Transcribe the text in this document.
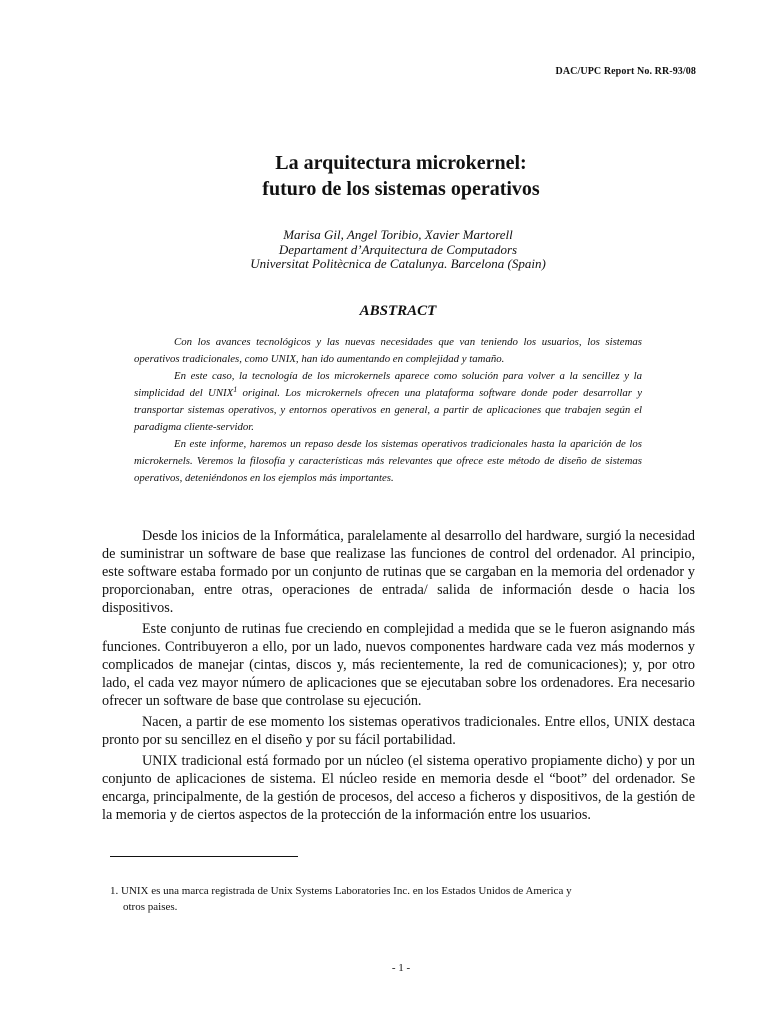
DAC/UPC Report No. RR-93/08
La arquitectura microkernel:
futuro de los sistemas operativos
Marisa Gil, Angel Toribio, Xavier Martorell
Departament d’Arquitectura de Computadors
Universitat Politècnica de Catalunya. Barcelona (Spain)
ABSTRACT

Con los avances tecnológicos y las nuevas necesidades que van teniendo los usuarios, los sistemas operativos tradicionales, como UNIX, han ido aumentando en complejidad y tamaño.

En este caso, la tecnología de los microkernels aparece como solución para volver a la sencillez y la simplicidad del UNIX$^1$ original. Los microkernels ofrecen una plataforma software donde poder desarrollar y transportar sistemas operativos, y entornos operativos en general, a partir de aplicaciones que trabajen según el paradigma cliente-servidor.

En este informe, haremos un repaso desde los sistemas operativos tradicionales hasta la aparición de los microkernels. Veremos la filosofía y características más relevantes que ofrece este método de diseño de sistemas operativos, deteniéndonos en los ejemplos más importantes.

Desde los inicios de la Informática, paralelamente al desarrollo del hardware, surgió la necesidad de suministrar un software de base que realizase las funciones de control del ordenador. Al principio, este software estaba formado por un conjunto de rutinas que se cargaban en la memoria del ordenador y proporcionaban, entre otras, operaciones de entrada/ salida de información desde o hacia los dispositivos.

Este conjunto de rutinas fue creciendo en complejidad a medida que se le fueron asignando más funciones. Contribuyeron a ello, por un lado, nuevos componentes hardware cada vez más modernos y complicados de manejar (cintas, discos y, más recientemente, la red de comunicaciones); y, por otro lado, el cada vez mayor número de aplicaciones que se ejecutaban sobre los ordenadores. Era necesario ofrecer un software de base que controlase su ejecución.

Nacen, a partir de ese momento los sistemas operativos tradicionales. Entre ellos, UNIX destaca pronto por su sencillez en el diseño y por su fácil portabilidad.

UNIX tradicional está formado por un núcleo (el sistema operativo propiamente dicho) y por un conjunto de aplicaciones de sistema. El núcleo reside en memoria desde el “boot” del ordenador. Se encarga, principalmente, de la gestión de procesos, del acceso a ficheros y dispositivos, de la gestión de la memoria y de ciertos aspectos de la protección de la información entre los usuarios.

1. UNIX es una marca registrada de Unix Systems Laboratories Inc. en los Estados Unidos de America y
otros paises.
- 1 -
